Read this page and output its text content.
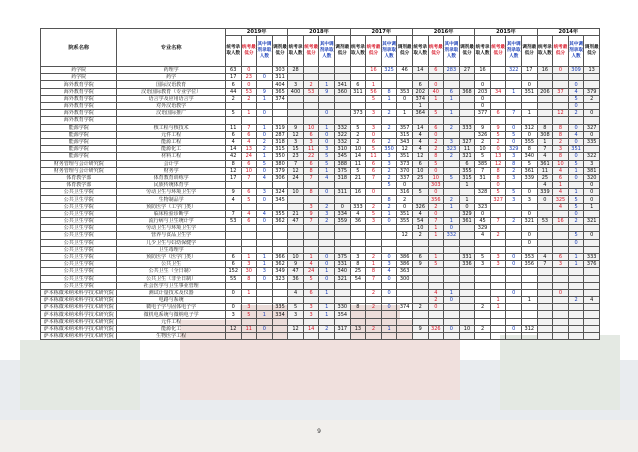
院系名称	专业名称	2019年				2018年				2017年				2016年				2015年				2014年			
		统考录取人数	统考最低分	其中调剂录取人数	调剂最低分	统考录取人数	统考最低分	其中调剂录取人数	调剂最低分	统考录取人数	统考最低分	其中调剂录取人数	调剂最低分	统考录取人数	统考最低分	其中调剂录取人数	调剂最低分	统考录取人数	统考最低分	其中调剂录取人数	调剂最低分	统考录取人数	统考最低分	其中调剂录取人数	调剂最低分
药学院	药理学	63	0		303	28					16	325	46	14	6	283	27	16		322	17	16	0	309	13
药学院	药学	17	23	0	311																				
海外教育学院	国际汉语教育	6	0		404	3	2	1	341	6	1			6	0			0			0			0	
海外教育学院	汉语国际教育（专业学位）	44	53	9	365	400	53	9	360	311	56	8	353	202	40	6	368	203	34	1	351	206	37	4	379
海外教育学院	语言学及应用语言学	2	2	1	374						5	1	0	374	1	1		0						5	2
海外教育学院	对外汉语教学													1				0						0	
海外教育学院	汉语国际推广	5	1	0				0		373	3	2	1	364	5	1		377	6	7	1		12	2	0
海外教育学院																									
能源学院	核工程与核技术	11	7	1	319	9	10	1	332	5	3	2	357	14	6	2	333	9	9	0	312	8	8	0	327
能源学院	元件工程	6	6	0	287	12	6	0	322	2	0		315	4	0			326	5	5	0	308	8	4	0
能源学院	能源工程	4	4	2	318	3	3	0	332	2	6	2	343	4	2	3	327	2	2	0	355	1	2	0	335
能源学院	能源化工	14	13	2	315	15	11	3	310	10	5	350	12	4	2	323	11	10	0	329	8	7	3	351	
能源学院	材料工程	42	24	1	350	23	22	5	345	14	11	3	351	12	8	2	321	5	13	3	340	4	8	0	322
财务管理与会计研究院	会计学	8	6	5	380	7	6	5	388	11	6	3	373	6	5		6	385	12	8	5	361	10	5	3
财务管理与会计研究院	财务学	12	10	0	379	12	8	1	375	5	6	2	370	10	0		355	7	8	2	361	11	4	1	381
体育教学部	体育教育训练学	17	7	4	306	24	7	4	318	21	7	2	337	25	10	5	315	31	8	3	339	25	6	0	320
体育教学部	民族传统体育学											5	0		303		1		0			4	1		0
公共卫生学院	劳动卫生与环境卫生学	9	6	3	324	10	8	0	311	16	0		316	5	0			328	5	5	0	339	4	1	0
公共卫生学院	生物制品学	4	5	0	345							8	2		356	2	1		327	3	3	0	325	5	0
公共卫生学院	预防医学（工学门类）						3	2	0	333	2	2	0	326	2	1	0	323					4	5	1
公共卫生学院	临床检验诊断学	7	4	4	355	21	9	3	334	4	5	1	351	4	0		329	0			0			0	
公共卫生学院	流行病与卫生统计学	53	6	0	362	47	7	2	359	36	3	0	355	54	7	1	361	45	7	2	321	53	16	2	321
公共卫生学院	劳动卫生与环境卫生学													10	1	0		329							
公共卫生学院	营养与食品卫生学												12	2	1	332		4	2		0			5	0
公共卫生学院	儿少卫生与妇幼保健学																				0			0	
公共卫生学院	卫生毒理学																								
公共卫生学院	预防医学（医学门类）	6	1	1	366	10	1	0	375	3	2	0	386	6	1		331	5	3	0	353	4	6	1	333
公共卫生学院	公共卫生	6	3	1	362	9	4	0	331	8	1	3	386	9	5		336	3	3	0	356	7	3	1	376
公共卫生学院	公共卫生（全日制）	152	30	3	349	47	24	1	340	25	8	4	363												
公共卫生学院	公共卫生（非全日制）	55	8	0	323	36	5	0	321	54	7	0	300												
公共卫生学院	社会医学与卫生事业管理																								
萨本栋微米纳米科学技术研究院	测试计量技术及仪器	0	1			4	6	1			2	0			4	1				0			0		
萨本栋微米纳米科学技术研究院	电路与系统														2	0			1		1			2	4
萨本栋微米纳米科学技术研究院	微电子学与固体电子学	0	3		335	5	3	1	330	8	2	0	374	2	0			2	1						
萨本栋微米纳米科学技术研究院	微机电系统与微纳电子学	3	5	1	334	3	3	1	354																
萨本栋微米纳米科学技术研究院	元件工程																								
萨本栋微米纳米科学技术研究院	能源化工	12	11	0		12	14	2	317	13	2	1		9	326	0	10	2		0	312				
萨本栋微米纳米科学技术研究院	生物医学工程																								
9
